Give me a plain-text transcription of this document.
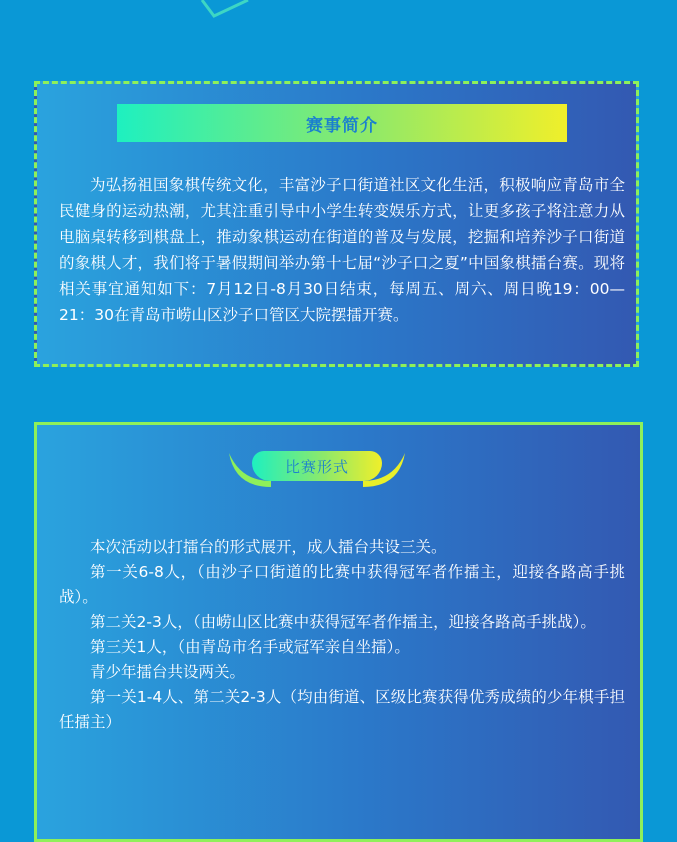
赛事简介

为弘扬祖国象棋传统文化，丰富沙子口街道社区文化生活，积极响应青岛市全民健身的运动热潮，尤其注重引导中小学生转变娱乐方式，让更多孩子将注意力从电脑桌转移到棋盘上，推动象棋运动在街道的普及与发展，挖掘和培养沙子口街道的象棋人才，我们将于暑假期间举办第十七届“沙子口之夏”中国象棋擂台赛。现将相关事宜通知如下：7月12日-8月30日结束，每周五、周六、周日晚19：00—21：30在青岛市崂山区沙子口管区大院摆擂开赛。

比赛形式

本次活动以打擂台的形式展开，成人擂台共设三关。

第一关6-8人，（由沙子口街道的比赛中获得冠军者作擂主，迎接各路高手挑战）。

第二关2-3人，（由崂山区比赛中获得冠军者作擂主，迎接各路高手挑战）。

第三关1人，（由青岛市名手或冠军亲自坐擂）。

青少年擂台共设两关。

第一关1-4人、第二关2-3人（均由街道、区级比赛获得优秀成绩的少年棋手担任擂主）
